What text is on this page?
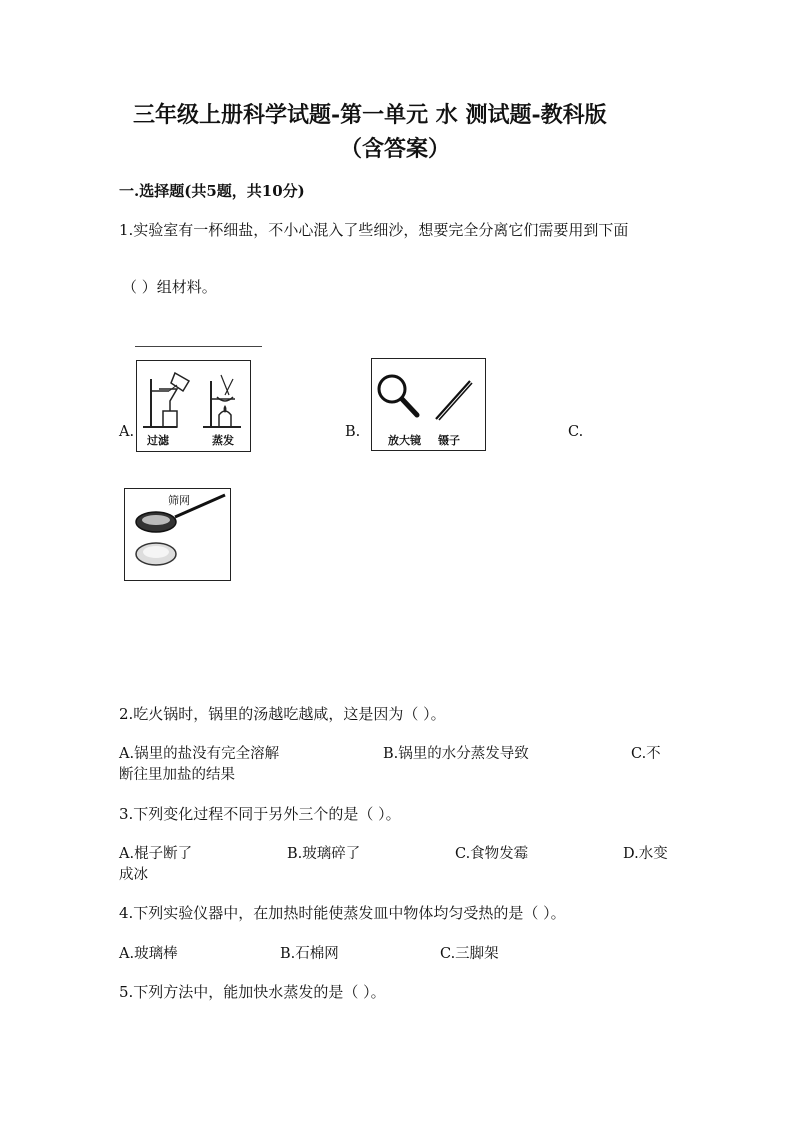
三年级上册科学试题-第一单元 水 测试题-教科版
（含答案）
一.选择题(共5题，共10分)
1.实验室有一杯细盐，不小心混入了些细沙，想要完全分离它们需要用到下面
（ ）组材料。
A.
过滤	蒸发
B.
放大镜 镊子
C.
筛网
2.吃火锅时，锅里的汤越吃越咸，这是因为（ ）。
A.锅里的盐没有完全溶解	B.锅里的水分蒸发导致	C.不
断往里加盐的结果
3.下列变化过程不同于另外三个的是（ ）。
A.棍子断了	B.玻璃碎了	C.食物发霉	D.水变
成冰
4.下列实验仪器中，在加热时能使蒸发皿中物体均匀受热的是（ ）。
A.玻璃棒	B.石棉网	C.三脚架
5.下列方法中，能加快水蒸发的是（ ）。
